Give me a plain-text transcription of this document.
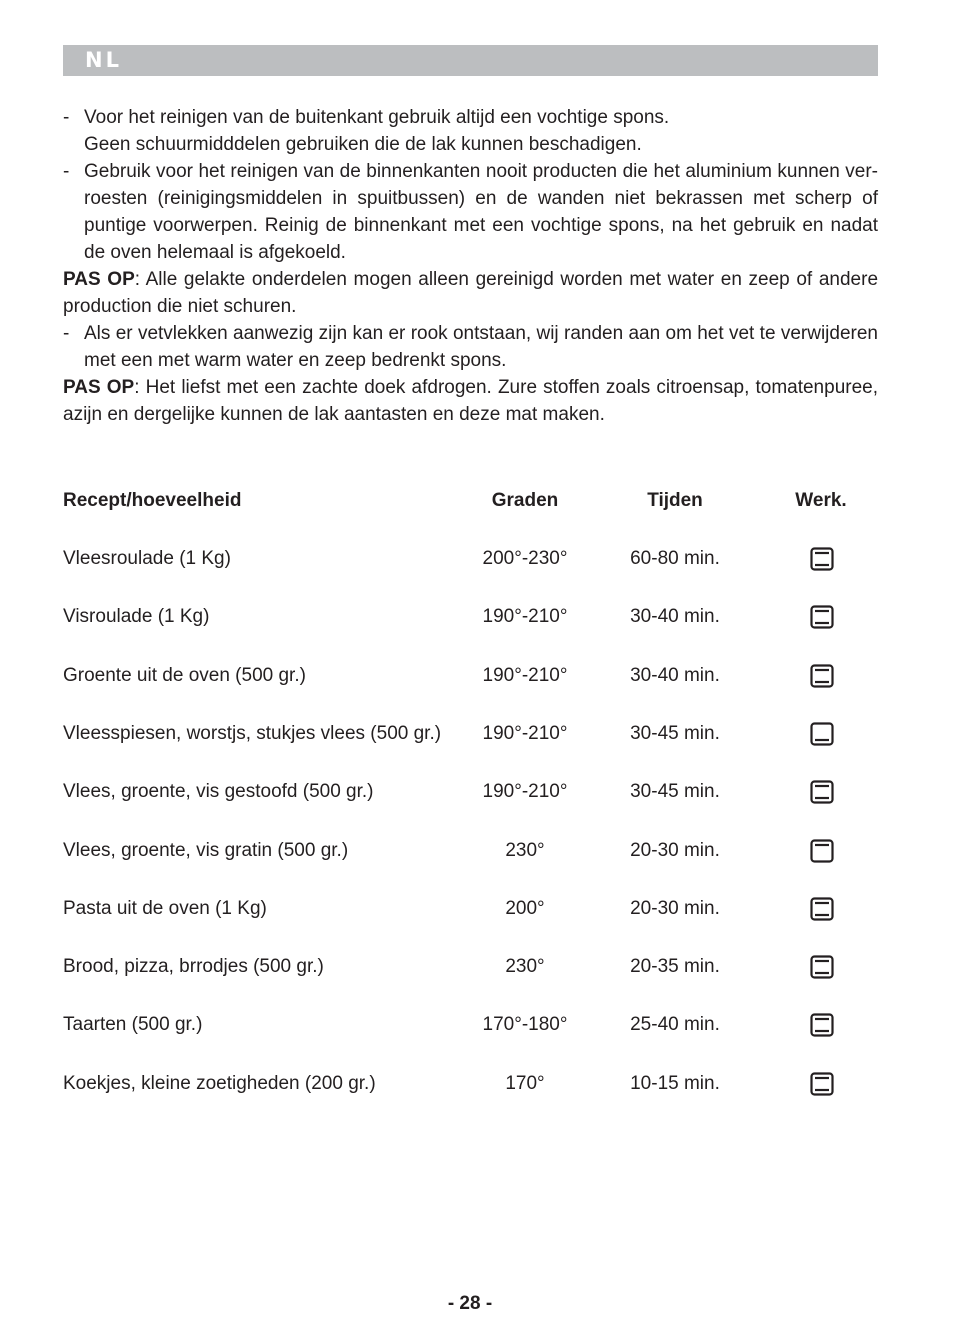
NL
- Voor het reinigen van de buitenkant gebruik altijd een vochtige spons.
Geen schuurmidddelen gebruiken die de lak kunnen beschadigen.
- Gebruik voor het reinigen van de binnenkanten nooit producten die het aluminium kunnen ver-roesten (reinigingsmiddelen in spuitbussen) en de wanden niet bekrassen met scherp of puntige voorwerpen. Reinig de binnenkant met een vochtige spons, na het gebruik en nadat de oven helemaal is afgekoeld.
PAS OP: Alle gelakte onderdelen mogen alleen gereinigd worden met water en zeep of andere production die niet schuren.
- Als er vetvlekken aanwezig zijn kan er rook ontstaan, wij randen aan om het vet te verwijderen met een met warm water en zeep bedrenkt spons.
PAS OP: Het liefst met een zachte doek afdrogen. Zure stoffen zoals citroensap, tomatenpuree, azijn en dergelijke kunnen de lak aantasten en deze mat maken.
Recept/hoeveelheid	Graden	Tijden	Werk.
Vleesroulade (1 Kg)	200°-230°	60-80 min.
Visroulade (1 Kg)	190°-210°	30-40 min.
Groente uit de oven (500 gr.)	190°-210°	30-40 min.
Vleesspiesen, worstjs, stukjes vlees (500 gr.)	190°-210°	30-45 min.
Vlees, groente, vis gestoofd (500 gr.)	190°-210°	30-45 min.
Vlees, groente, vis gratin (500 gr.)	230°	20-30 min.
Pasta uit de oven (1 Kg)	200°	20-30 min.
Brood, pizza, brrodjes (500 gr.)	230°	20-35 min.
Taarten (500 gr.)	170°-180°	25-40 min.
Koekjes, kleine zoetigheden (200 gr.)	170°	10-15 min.
- 28 -
